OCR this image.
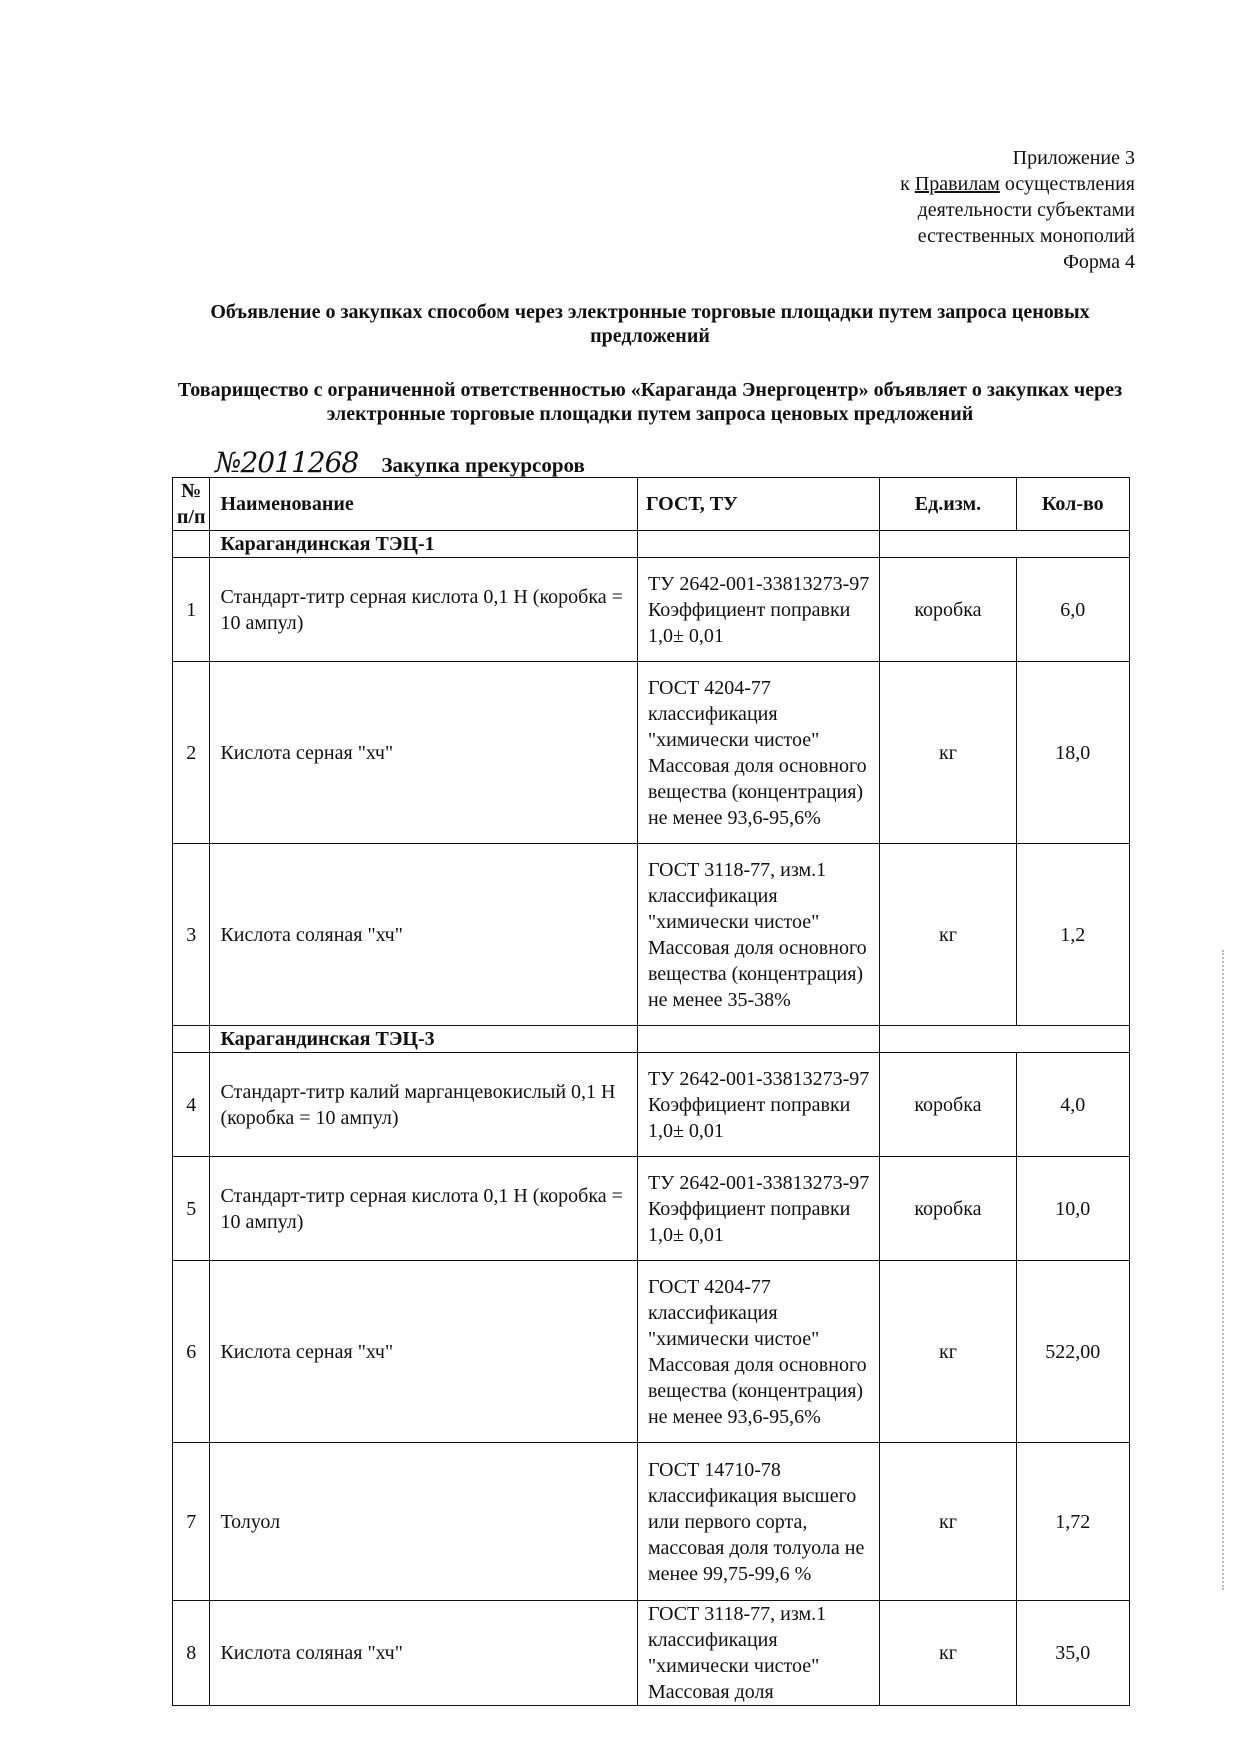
Приложение 3
к Правилам осуществления
деятельности субъектами
естественных монополий
Форма 4
Объявление о закупках способом через электронные торговые площадки путем запроса ценовых предложений
Товарищество с ограниченной ответственностью «Караганда Энергоцентр» объявляет о закупках через электронные торговые площадки путем запроса ценовых предложений
№2011268 Закупка прекурсоров
№ п/п	Наименование	ГОСТ, ТУ	Ед.изм.	Кол-во
	Карагандинская ТЭЦ-1			
1	Стандарт-титр серная кислота 0,1 Н (коробка = 10 ампул)	ТУ 2642-001-33813273-97 Коэффициент поправки 1,0± 0,01	коробка	6,0
2	Кислота серная "хч"	ГОСТ 4204-77 классификация "химически чистое" Массовая доля основного вещества (концентрация) не менее 93,6-95,6%	кг	18,0
3	Кислота соляная "хч"	ГОСТ 3118-77, изм.1 классификация "химически чистое" Массовая доля основного вещества (концентрация) не менее 35-38%	кг	1,2
	Карагандинская ТЭЦ-3			
4	Стандарт-титр калий марганцевокислый 0,1 Н (коробка = 10 ампул)	ТУ 2642-001-33813273-97 Коэффициент поправки 1,0± 0,01	коробка	4,0
5	Стандарт-титр серная кислота 0,1 Н (коробка = 10 ампул)	ТУ 2642-001-33813273-97 Коэффициент поправки 1,0± 0,01	коробка	10,0
6	Кислота серная "хч"	ГОСТ 4204-77 классификация "химически чистое" Массовая доля основного вещества (концентрация) не менее 93,6-95,6%	кг	522,00
7	Толуол	ГОСТ 14710-78 классификация высшего или первого сорта, массовая доля толуола не менее 99,75-99,6 %	кг	1,72
8	Кислота соляная "хч"	ГОСТ 3118-77, изм.1 классификация "химически чистое" Массовая доля	кг	35,0
